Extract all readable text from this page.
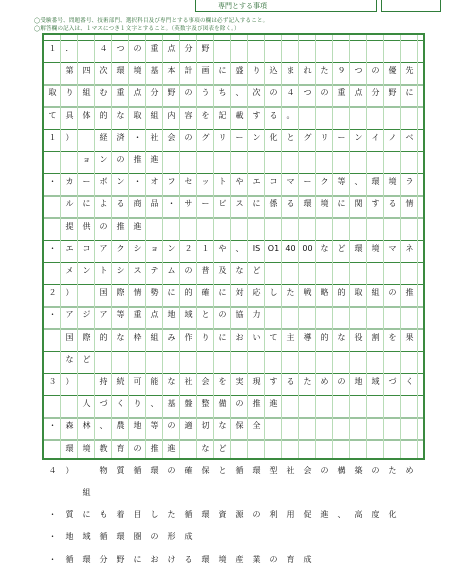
専門とする事項
◯受験番号、問題番号、技術部門、選択科目及び専門とする事項の欄は必ず記入すること。
◯解答欄の記入は、１マスにつき１文字とすること。（英数字及び図表を除く。）
１	．
　	４	つ	の	重	点	分	野

第	四	次	環	境	基	本	計	画	に	盛	り	込	ま	れ	た	９	つ	の	優	先
取	り	組	む	重	点	分	野	の	う	ち	、	次	の	４	つ	の	重	点	分	野	に
て	具	体	的	な	取	組	内	容	を	記	載	す	る	。
１	）
　	経	済	・	社	会	の	グ	リ	ー	ン	化	と	グ	リ	ー	ン	イ	ノ	ベ

ョ	ン	の	推	進
・	カ	ー	ボ	ン	・	オ	フ	セ	ッ	ト	や	エ	コ	マ	ー	ク	等	、	環	境	ラ

ル	に	よ	る	商	品	・	サ	ー	ビ	ス	に	係	る	環	境	に	関	す	る	情

提	供	の	推	進
・	エ	コ	ア	ク	シ	ョ	ン	２	１	や	、	IS O1 40 00 な	ど	環	境	マ	ネ

メ	ン	ト	シ	ス	テ	ム	の	普	及	な	ど
２	）
　	国	際	情	勢	に	的	確	に	対	応	し	た	戦	略	的	取	組	の	推
・	ア	ジ	ア	等	重	点	地	域	と	の	協	力

国	際	的	な	枠	組	み	作	り	に	お	い	て	主	導	的	な	役	割	を	果

な	ど
３	）
　	持	続	可	能	な	社	会	を	実	現	す	る	た	め	の	地	域	づ	く

人	づ	く	り	、	基	盤	整	備	の	推	進
・	森	林	、	農	地	等	の	適	切	な	保	全

環	境	教	育	の	推	進
　	な	ど
４	）
　	物	質	循	環	の	確	保	と	循	環	型	社	会	の	構	築	の	た	め

組
・	質	に	も	着	目	し	た	循	環	資	源	の	利	用	促	進	、	高	度	化
・	地	域	循	環	圏	の	形	成
・	循	環	分	野	に	お	け	る	環	境	産	業	の	育	成
